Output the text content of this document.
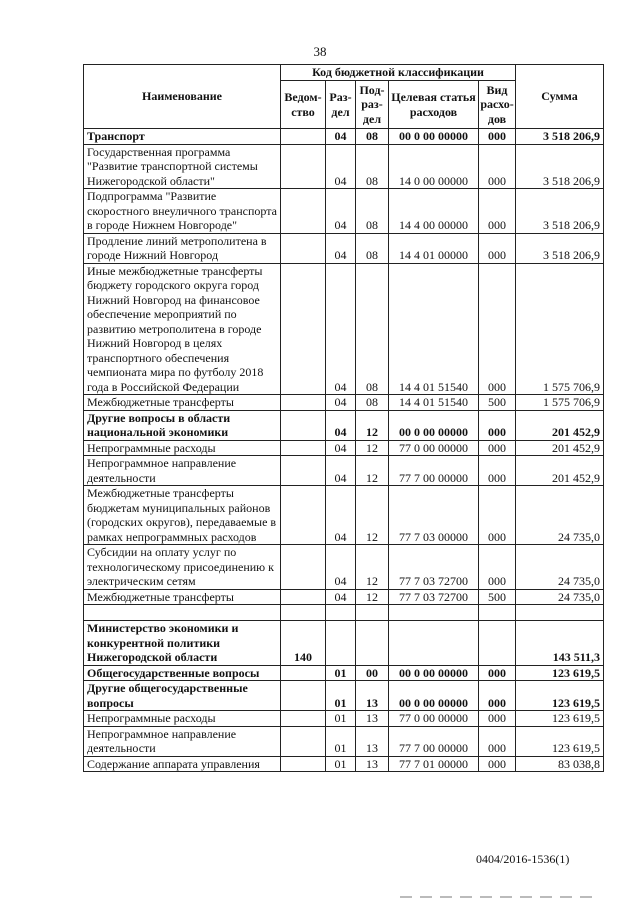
38
Наименование	Код бюджетной классификации					Сумма
	Ведом-ство	Раз-дел	Под-раз-дел	Целевая статья расходов	Вид расхо-дов	
Транспорт		04	08	00 0 00 00000	000	3 518 206,9
Государственная программа "Развитие транспортной системы Нижегородской области"		04	08	14 0 00 00000	000	3 518 206,9
Подпрограмма "Развитие скоростного внеуличного транспорта в городе Нижнем Новгороде"		04	08	14 4 00 00000	000	3 518 206,9
Продление линий метрополитена в городе Нижний Новгород		04	08	14 4 01 00000	000	3 518 206,9
Иные межбюджетные трансферты бюджету городского округа город Нижний Новгород на финансовое обеспечение мероприятий по развитию метрополитена в городе Нижний Новгород в целях транспортного обеспечения чемпионата мира по футболу 2018 года в Российской Федерации		04	08	14 4 01 51540	000	1 575 706,9
Межбюджетные трансферты		04	08	14 4 01 51540	500	1 575 706,9
Другие вопросы в области национальной экономики		04	12	00 0 00 00000	000	201 452,9
Непрограммные расходы		04	12	77 0 00 00000	000	201 452,9
Непрограммное направление деятельности		04	12	77 7 00 00000	000	201 452,9
Межбюджетные трансферты бюджетам муниципальных районов (городских округов), передаваемые в рамках непрограммных расходов		04	12	77 7 03 00000	000	24 735,0
Субсидии на оплату услуг по технологическому присоединению к электрическим сетям		04	12	77 7 03 72700	000	24 735,0
Межбюджетные трансферты		04	12	77 7 03 72700	500	24 735,0

Министерство экономики и конкурентной политики Нижегородской области	140					143 511,3
Общегосударственные вопросы		01	00	00 0 00 00000	000	123 619,5
Другие общегосударственные вопросы		01	13	00 0 00 00000	000	123 619,5
Непрограммные расходы		01	13	77 0 00 00000	000	123 619,5
Непрограммное направление деятельности		01	13	77 7 00 00000	000	123 619,5
Содержание аппарата управления		01	13	77 7 01 00000	000	83 038,8
0404/2016-1536(1)
